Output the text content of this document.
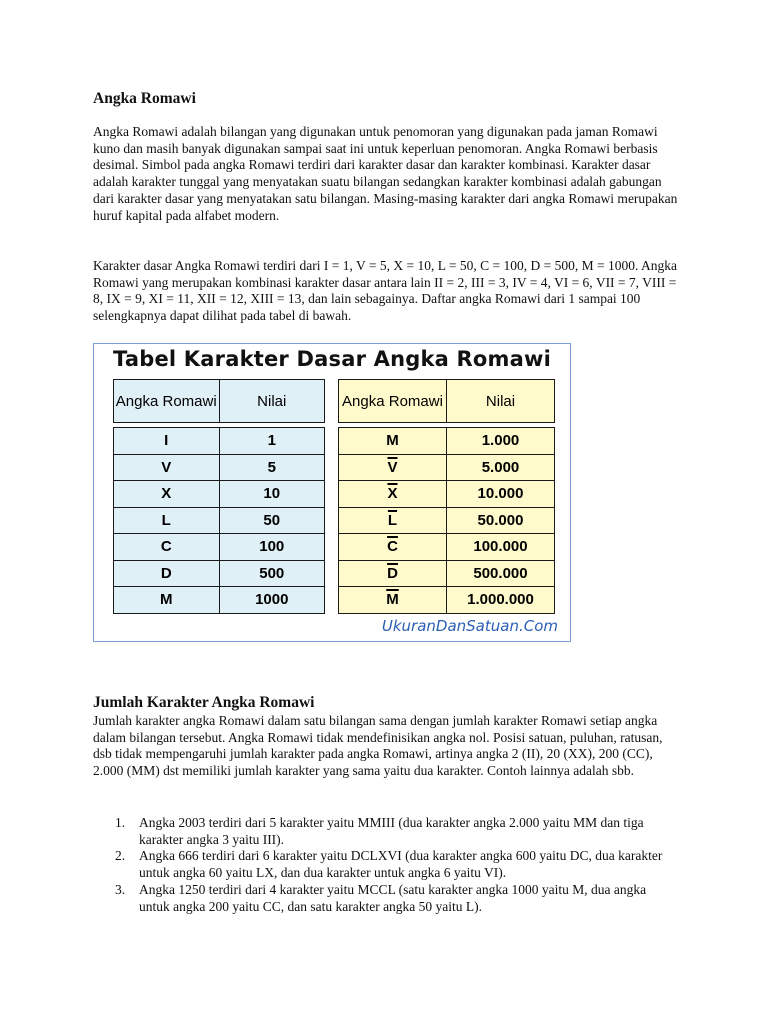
Angka Romawi

Angka Romawi adalah bilangan yang digunakan untuk penomoran yang digunakan pada jaman Romawi kuno dan masih banyak digunakan sampai saat ini untuk keperluan penomoran. Angka Romawi berbasis desimal. Simbol pada angka Romawi terdiri dari karakter dasar dan karakter kombinasi. Karakter dasar adalah karakter tunggal yang menyatakan suatu bilangan sedangkan karakter kombinasi adalah gabungan dari karakter dasar yang menyatakan satu bilangan. Masing-masing karakter dari angka Romawi merupakan huruf kapital pada alfabet modern.

Karakter dasar Angka Romawi terdiri dari I = 1, V = 5, X = 10, L = 50, C = 100, D = 500, M = 1000. Angka Romawi yang merupakan kombinasi karakter dasar antara lain II = 2, III = 3, IV = 4, VI = 6, VII = 7, VIII = 8, IX = 9, XI = 11, XII = 12, XIII = 13, dan lain sebagainya. Daftar angka Romawi dari 1 sampai 100 selengkapnya dapat dilihat pada tabel di bawah.

Jumlah Karakter Angka Romawi

Jumlah karakter angka Romawi dalam satu bilangan sama dengan jumlah karakter Romawi setiap angka dalam bilangan tersebut. Angka Romawi tidak mendefinisikan angka nol. Posisi satuan, puluhan, ratusan, dsb tidak mempengaruhi jumlah karakter pada angka Romawi, artinya angka 2 (II), 20 (XX), 200 (CC), 2.000 (MM) dst memiliki jumlah karakter yang sama yaitu dua karakter. Contoh lainnya adalah sbb.

1. Angka 2003 terdiri dari 5 karakter yaitu MMIII (dua karakter angka 2.000 yaitu MM dan tiga karakter angka 3 yaitu III).
2. Angka 666 terdiri dari 6 karakter yaitu DCLXVI (dua karakter angka 600 yaitu DC, dua karakter untuk angka 60 yaitu LX, dan dua karakter untuk angka 6 yaitu VI).
3. Angka 1250 terdiri dari 4 karakter yaitu MCCL (satu karakter angka 1000 yaitu M, dua angka untuk angka 200 yaitu CC, dan satu karakter angka 50 yaitu L).
Tabel Karakter Dasar Angka Romawi
Angka Romawi	Nilai

I	1
V	5
X	10
L	50
C	100
D	500
M	1000
Angka Romawi	Nilai

M	1.000
$\overline{V}$	5.000
$\overline{X}$	10.000
$\overline{L}$	50.000
$\overline{C}$	100.000
$\overline{D}$	500.000
$\overline{M}$	1.000.000
UkuranDanSatuan.Com
